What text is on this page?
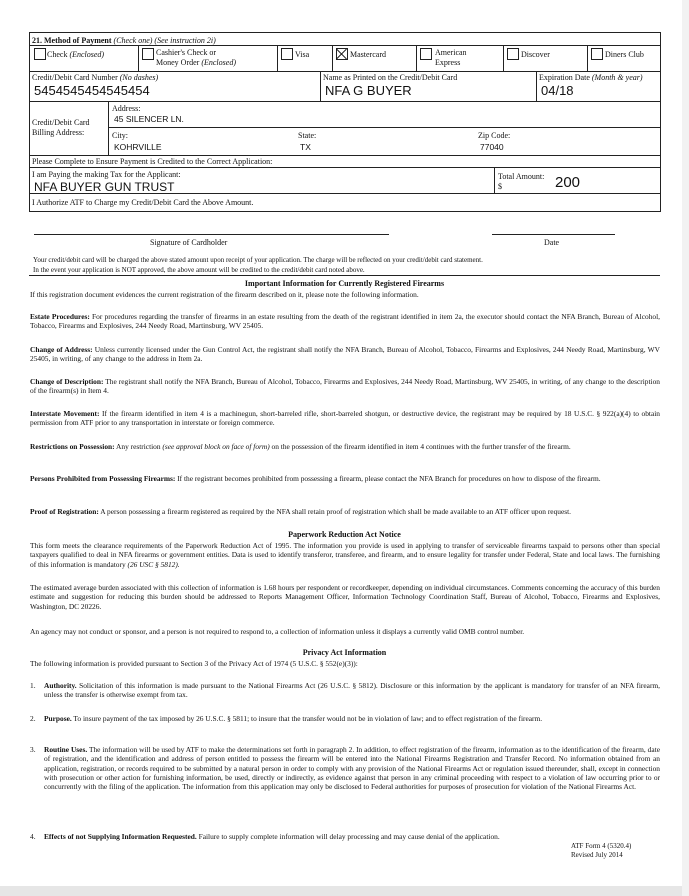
21. Method of Payment (Check one) (See instruction 2i)
Check (Enclosed)	Cashier's Check or
Money Order (Enclosed)
Visa	Mastercard	American
Express
Discover	Diners Club
Credit/Debit Card Number (No dashes)
5454545454545454
Name as Printed on the Credit/Debit Card
NFA G BUYER
Expiration Date (Month & year)
04/18
Credit/Debit Card
Billing Address:
Address:
45 SILENCER LN.
City:
KOHRVILLE
State:
TX
Zip Code:
77040
Please Complete to Ensure Payment is Credited to the Correct Application:
I am Paying the making Tax for the Applicant:
NFA BUYER GUN TRUST
Total Amount:
$	200
I Authorize ATF to Charge my Credit/Debit Card the Above Amount.
Signature of Cardholder	Date
Your credit/debit card will be charged the above stated amount upon receipt of your application. The charge will be reflected on your credit/debit card statement.
In the event your application is NOT approved, the above amount will be credited to the credit/debit card noted above.
Important Information for Currently Registered Firearms
If this registration document evidences the current registration of the firearm described on it, please note the following information.
Estate Procedures: For procedures regarding the transfer of firearms in an estate resulting from the death of the registrant identified in item 2a, the executor should contact the NFA Branch, Bureau of Alcohol, Tobacco, Firearms and Explosives, 244 Needy Road, Martinsburg, WV 25405.
Change of Address: Unless currently licensed under the Gun Control Act, the registrant shall notify the NFA Branch, Bureau of Alcohol, Tobacco, Firearms and Explosives, 244 Needy Road, Martinsburg, WV 25405, in writing, of any change to the address in Item 2a.
Change of Description: The registrant shall notify the NFA Branch, Bureau of Alcohol, Tobacco, Firearms and Explosives, 244 Needy Road, Martinsburg, WV 25405, in writing, of any change to the description of the firearm(s) in Item 4.
Interstate Movement: If the firearm identified in item 4 is a machinegun, short-barreled rifle, short-barreled shotgun, or destructive device, the registrant may be required by 18 U.S.C. § 922(a)(4) to obtain permission from ATF prior to any transportation in interstate or foreign commerce.
Restrictions on Possession: Any restriction (see approval block on face of form) on the possession of the firearm identified in item 4 continues with the further transfer of the firearm.
Persons Prohibited from Possessing Firearms: If the registrant becomes prohibited from possessing a firearm, please contact the NFA Branch for procedures on how to dispose of the firearm.
Proof of Registration: A person possessing a firearm registered as required by the NFA shall retain proof of registration which shall be made available to an ATF officer upon request.
Paperwork Reduction Act Notice
This form meets the clearance requirements of the Paperwork Reduction Act of 1995. The information you provide is used in applying to transfer of serviceable firearms taxpaid to persons other than special taxpayers qualified to deal in NFA firearms or government entities. Data is used to identify transferor, transferee, and firearm, and to ensure legality for transfer under Federal, State and local laws. The furnishing of this information is mandatory (26 USC § 5812).
The estimated average burden associated with this collection of information is 1.68 hours per respondent or recordkeeper, depending on individual circumstances. Comments concerning the accuracy of this burden estimate and suggestion for reducing this burden should be addressed to Reports Management Officer, Information Technology Coordination Staff, Bureau of Alcohol, Tobacco, Firearms and Explosives, Washington, DC 20226.
An agency may not conduct or sponsor, and a person is not required to respond to, a collection of information unless it displays a currently valid OMB control number.
Privacy Act Information
The following information is provided pursuant to Section 3 of the Privacy Act of 1974 (5 U.S.C. § 552(e)(3)):
1. Authority. Solicitation of this information is made pursuant to the National Firearms Act (26 U.S.C. § 5812). Disclosure or this information by the applicant is mandatory for transfer of an NFA firearm, unless the transfer is otherwise exempt from tax.
2. Purpose. To insure payment of the tax imposed by 26 U.S.C. § 5811; to insure that the transfer would not be in violation of law; and to effect registration of the firearm.
3. Routine Uses. The information will be used by ATF to make the determinations set forth in paragraph 2. In addition, to effect registration of the firearm, information as to the identification of the firearm, date of registration, and the identification and address of person entitled to possess the firearm will be entered into the National Firearms Registration and Transfer Record. No information obtained from an application, registration, or records required to be submitted by a natural person in order to comply with any provision of the National Firearms Act or regulation issued thereunder, shall, except in connection with prosecution or other action for furnishing information, be used, directly or indirectly, as evidence against that person in any criminal proceeding with respect to a violation of law occurring prior to or concurrently with the filing of the application. The information from this application may only be disclosed to Federal authorities for purposes of prosecution for violation of the National Firearms Act.
4. Effects of not Supplying Information Requested. Failure to supply complete information will delay processing and may cause denial of the application.
ATF Form 4 (5320.4)
Revised July 2014
